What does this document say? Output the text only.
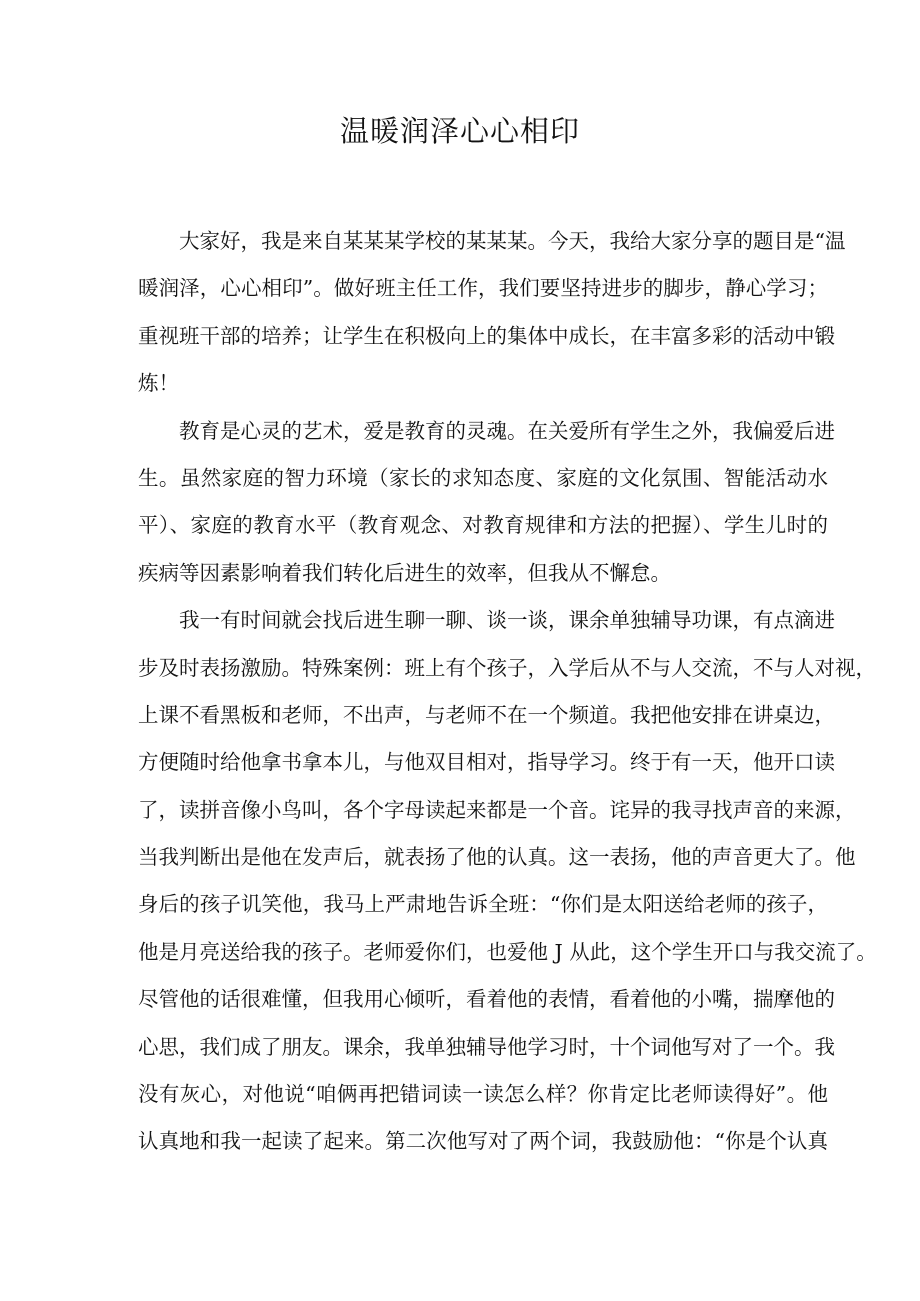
温暖润泽心心相印
大家好，我是来自某某某学校的某某某。今天，我给大家分享的题目是“温
暖润泽，心心相印”。做好班主任工作，我们要坚持进步的脚步，静心学习；
重视班干部的培养；让学生在积极向上的集体中成长，在丰富多彩的活动中锻
炼！
教育是心灵的艺术，爱是教育的灵魂。在关爱所有学生之外，我偏爱后进
生。虽然家庭的智力环境（家长的求知态度、家庭的文化氛围、智能活动水
平）、家庭的教育水平（教育观念、对教育规律和方法的把握）、学生儿时的
疾病等因素影响着我们转化后进生的效率，但我从不懈怠。
我一有时间就会找后进生聊一聊、谈一谈，课余单独辅导功课，有点滴进
步及时表扬激励。特殊案例：班上有个孩子，入学后从不与人交流，不与人对视，
上课不看黑板和老师，不出声，与老师不在一个频道。我把他安排在讲桌边，
方便随时给他拿书拿本儿，与他双目相对，指导学习。终于有一天，他开口读
了，读拼音像小鸟叫，各个字母读起来都是一个音。诧异的我寻找声音的来源，
当我判断出是他在发声后，就表扬了他的认真。这一表扬，他的声音更大了。他
身后的孩子讥笑他，我马上严肃地告诉全班：“你们是太阳送给老师的孩子，
他是月亮送给我的孩子。老师爱你们，也爱他 J 从此，这个学生开口与我交流了。
尽管他的话很难懂，但我用心倾听，看着他的表情，看着他的小嘴，揣摩他的
心思，我们成了朋友。课余，我单独辅导他学习时，十个词他写对了一个。我
没有灰心，对他说“咱俩再把错词读一读怎么样？你肯定比老师读得好”。他
认真地和我一起读了起来。第二次他写对了两个词，我鼓励他：“你是个认真
